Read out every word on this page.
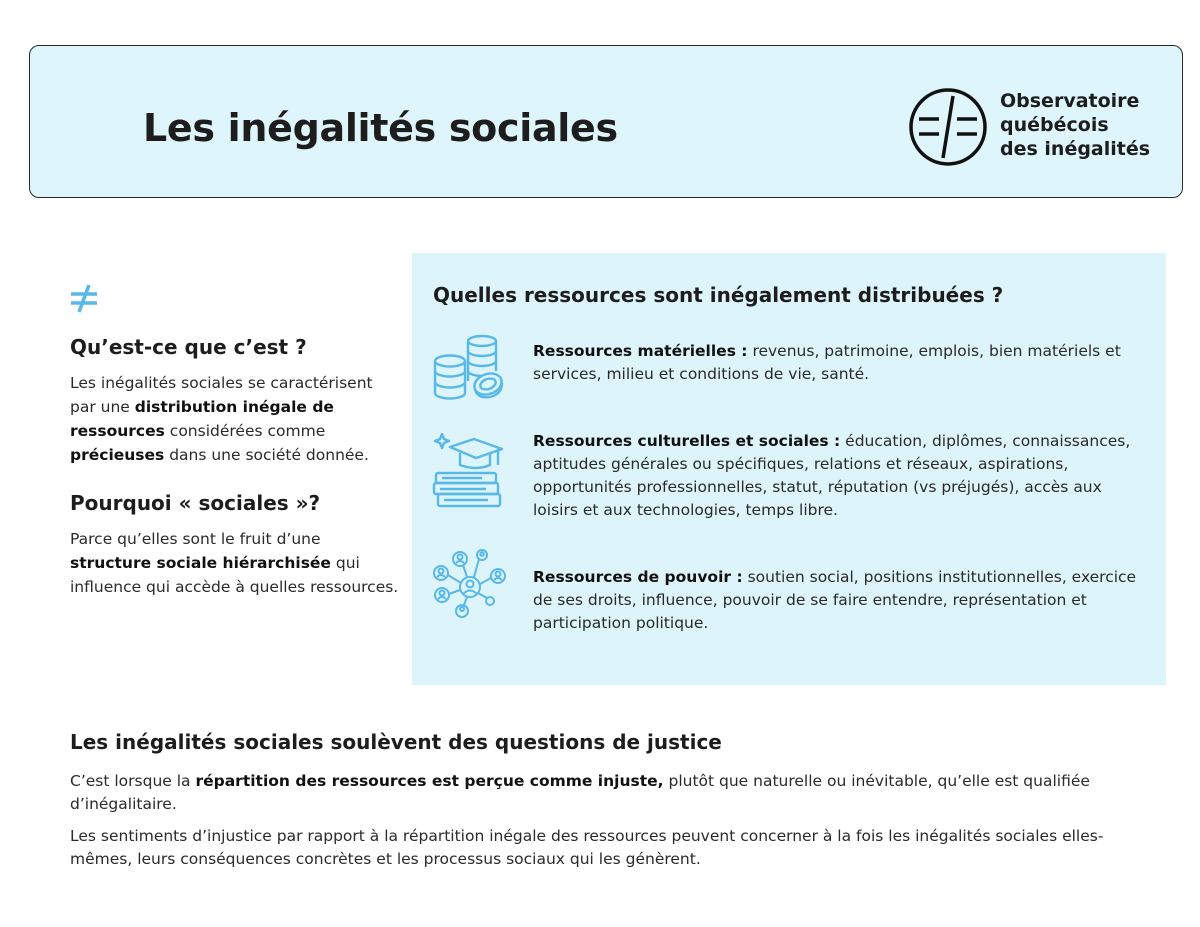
Les inégalités sociales
Observatoire
québécois
des inégalités
Qu’est-ce que c’est ?

Les inégalités sociales se caractérisent par une distribution inégale de ressources considérées comme précieuses dans une société donnée.

Pourquoi « sociales »?

Parce qu’elles sont le fruit d’une structure sociale hiérarchisée qui influence qui accède à quelles ressources.

Quelles ressources sont inégalement distribuées ?
Ressources matérielles : revenus, patrimoine, emplois, bien matériels et services, milieu et conditions de vie, santé.
Ressources culturelles et sociales : éducation, diplômes, connaissances, aptitudes générales ou spécifiques, relations et réseaux, aspirations, opportunités professionnelles, statut, réputation (vs préjugés), accès aux loisirs et aux technologies, temps libre.
Ressources de pouvoir : soutien social, positions institutionnelles, exercice de ses droits, influence, pouvoir de se faire entendre, représentation et participation politique.
Les inégalités sociales soulèvent des questions de justice

C’est lorsque la répartition des ressources est perçue comme injuste, plutôt que naturelle ou inévitable, qu’elle est qualifiée d’inégalitaire.

Les sentiments d’injustice par rapport à la répartition inégale des ressources peuvent concerner à la fois les inégalités sociales elles-mêmes, leurs conséquences concrètes et les processus sociaux qui les génèrent.
